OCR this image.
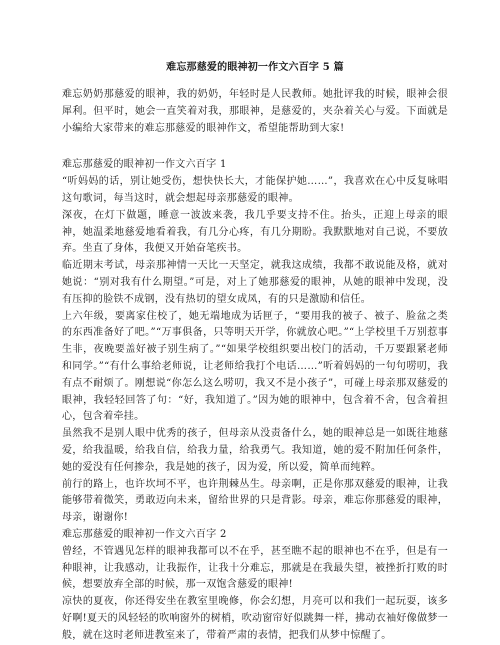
难忘那慈爱的眼神初一作文六百字 5 篇
难忘奶奶那慈爱的眼神，我的奶奶，年轻时是人民教师。她批评我的时候，眼神会很犀利。但平时，她会一直笑着对我，那眼神，是慈爱的，夹杂着关心与爱。下面就是小编给大家带来的难忘那慈爱的眼神作文，希望能帮助到大家!
难忘那慈爱的眼神初一作文六百字 1

“听妈妈的话，别让她受伤，想快快长大，才能保护她……”，我喜欢在心中反复咏唱这句歌词，每当这时，就会想起母亲那慈爱的眼神。

深夜，在灯下做题，睡意一波波来袭，我几乎要支持不住。抬头，正迎上母亲的眼神，她温柔地慈爱地看着我，有几分心疼，有几分期盼。我默默地对自己说，不要放弃。坐直了身体，我便又开始奋笔疾书。

临近期末考试，母亲那神情一天比一天坚定，就我这成绩，我都不敢说能及格，就对她说：“别对我有什么期望。”可是，对上了她那慈爱的眼神，从她的眼神中发现，没有压抑的脸铁不成钢，没有热切的望女成凤，有的只是激励和信任。

上六年级，要离家住校了，她无端地成为话匣子，“要用我的被子、被子、脸盆之类的东西准备好了吧。”“万事俱备，只等明天开学，你就放心吧。”“上学校里千万别惹事生非，夜晚要盖好被子别生病了。”“如果学校组织要出校门的活动，千万要跟紧老师和同学。”“有什么事给老师说，让老师给我打个电话……”听着妈妈的一句句唠叨，我有点不耐烦了。刚想说“你怎么这么唠叨，我又不是小孩子”，可碰上母亲那双慈爱的眼神，我轻轻回答了句：“好，我知道了。”因为她的眼神中，包含着不舍，包含着担心，包含着牵挂。

虽然我不是别人眼中优秀的孩子，但母亲从没责备什么，她的眼神总是一如既往地慈爱，给我温暖，给我自信，给我力量，给我勇气。我知道，她的爱不附加任何条件，她的爱没有任何掺杂，我是她的孩子，因为爱，所以爱，简单而纯粹。

前行的路上，也许坎坷不平，也许荆棘丛生。母亲啊，正是你那双慈爱的眼神，让我能够带着微笑，勇敢迈向未来，留给世界的只是背影。母亲，难忘你那慈爱的眼神，母亲，谢谢你!

难忘那慈爱的眼神初一作文六百字 2

曾经，不管遇见怎样的眼神我都可以不在乎，甚至瞧不起的眼神也不在乎，但是有一种眼神，让我感动，让我振作，让我十分难忘，那就是在我最失望，被挫折打败的时候，想要放弃全部的时候，那一双饱含慈爱的眼神!

凉快的夏夜，你还得安坐在教室里晚修，你会幻想，月亮可以和我们一起玩耍，该多好啊!夏天的风轻轻的吹响窗外的树梢，吹动窗帘好似跳舞一样，拂动衣袖好像做梦一般，就在这时老师进教室来了，带着严肃的表情，把我们从梦中惊醒了。
